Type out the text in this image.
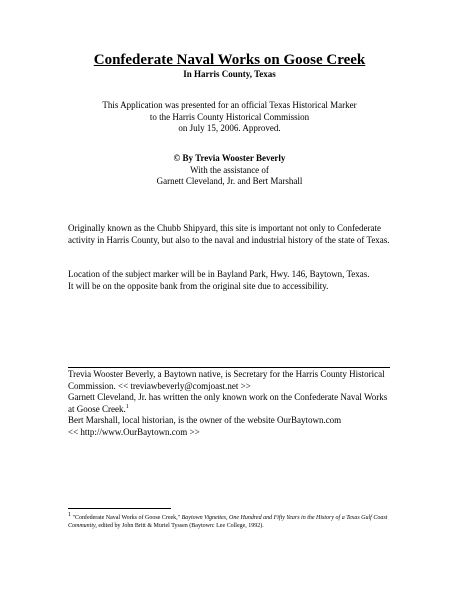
Confederate Naval Works on Goose Creek
In Harris County, Texas
This Application was presented for an official Texas Historical Marker
to the Harris County Historical Commission
on July 15, 2006. Approved.
© By Trevia Wooster Beverly
With the assistance of
Garnett Cleveland, Jr. and Bert Marshall
Originally known as the Chubb Shipyard, this site is important not only to Confederate
activity in Harris County, but also to the naval and industrial history of the state of Texas.
Location of the subject marker will be in Bayland Park, Hwy. 146, Baytown, Texas.
It will be on the opposite bank from the original site due to accessibility.
Trevia Wooster Beverly, a Baytown native, is Secretary for the Harris County Historical
Commission. << treviawbeverly@comjoast.net >>
Garnett Cleveland, Jr. has written the only known work on the Confederate Naval Works
at Goose Creek.$^1$
Bert Marshall, local historian, is the owner of the website OurBaytown.com
<< http://www.OurBaytown.com >>
$^1$ "Confederate Naval Works of Goose Creek," Baytown Vignettes, One Hundred and Fifty Years in the History of a Texas Gulf Coast Community, edited by John Britt & Muriel Tyssen (Baytown: Lee College, 1992).
